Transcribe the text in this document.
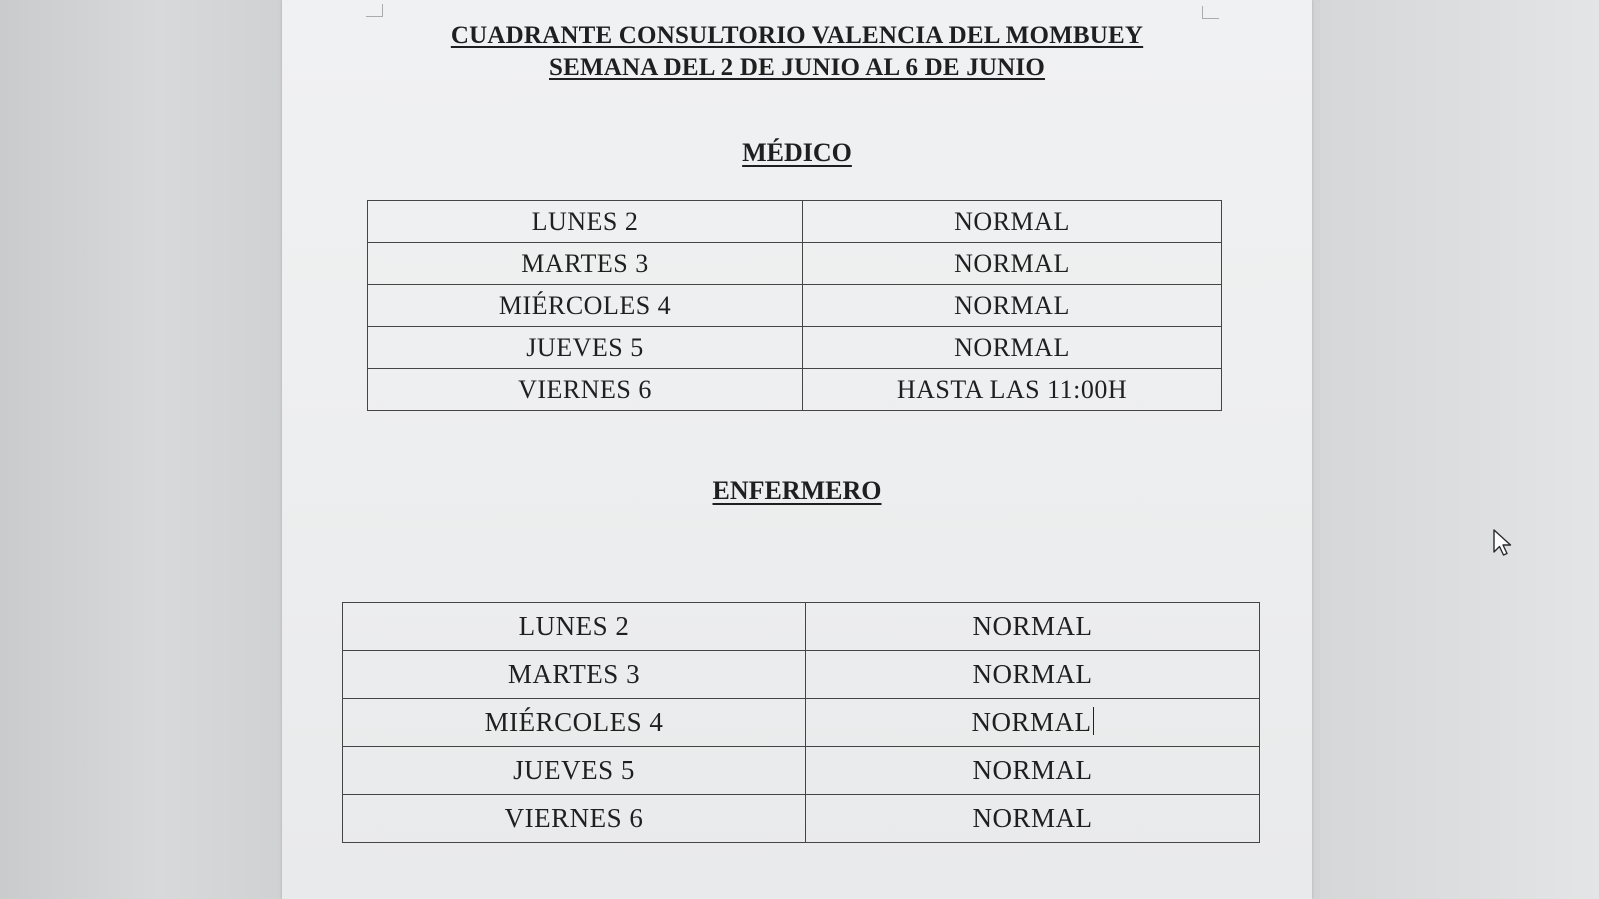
CUADRANTE CONSULTORIO VALENCIA DEL MOMBUEY
SEMANA DEL 2 DE JUNIO AL 6 DE JUNIO
MÉDICO
LUNES 2	NORMAL
MARTES 3	NORMAL
MIÉRCOLES 4	NORMAL
JUEVES 5	NORMAL
VIERNES 6	HASTA LAS 11:00H
ENFERMERO
LUNES 2	NORMAL
MARTES 3	NORMAL
MIÉRCOLES 4	NORMAL
JUEVES 5	NORMAL
VIERNES 6	NORMAL
